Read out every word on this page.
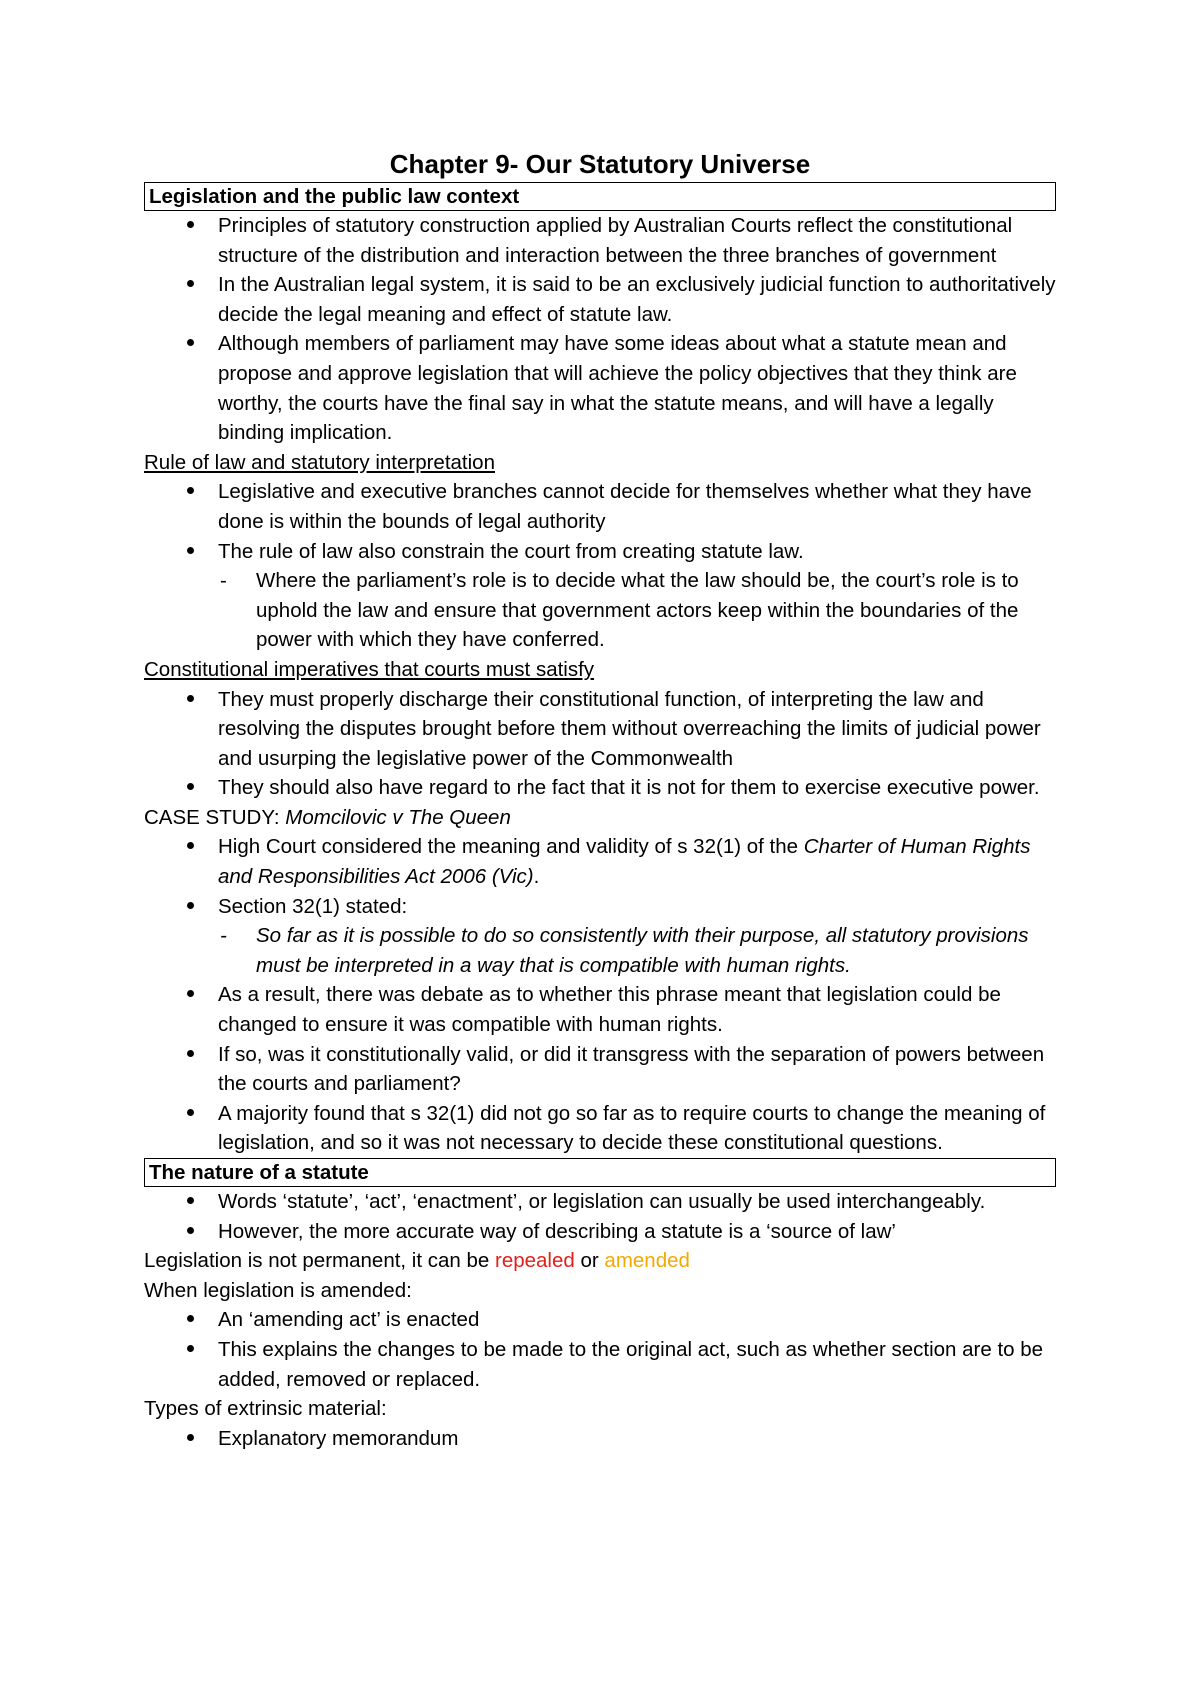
Chapter 9- Our Statutory Universe
Legislation and the public law context
Principles of statutory construction applied by Australian Courts reflect the constitutional structure of the distribution and interaction between the three branches of government
In the Australian legal system, it is said to be an exclusively judicial function to authoritatively decide the legal meaning and effect of statute law.
Although members of parliament may have some ideas about what a statute mean and propose and approve legislation that will achieve the policy objectives that they think are worthy, the courts have the final say in what the statute means, and will have a legally binding implication.
Rule of law and statutory interpretation
Legislative and executive branches cannot decide for themselves whether what they have done is within the bounds of legal authority
The rule of law also constrain the court from creating statute law.
- Where the parliament’s role is to decide what the law should be, the court’s role is to uphold the law and ensure that government actors keep within the boundaries of the power with which they have conferred.
Constitutional imperatives that courts must satisfy
They must properly discharge their constitutional function, of interpreting the law and resolving the disputes brought before them without overreaching the limits of judicial power and usurping the legislative power of the Commonwealth
They should also have regard to rhe fact that it is not for them to exercise executive power.
CASE STUDY: Momcilovic v The Queen
High Court considered the meaning and validity of s 32(1) of the Charter of Human Rights and Responsibilities Act 2006 (Vic).
Section 32(1) stated:
- So far as it is possible to do so consistently with their purpose, all statutory provisions must be interpreted in a way that is compatible with human rights.
As a result, there was debate as to whether this phrase meant that legislation could be changed to ensure it was compatible with human rights.
If so, was it constitutionally valid, or did it transgress with the separation of powers between the courts and parliament?
A majority found that s 32(1) did not go so far as to require courts to change the meaning of legislation, and so it was not necessary to decide these constitutional questions.
The nature of a statute
Words ‘statute’, ‘act’, ‘enactment’, or legislation can usually be used interchangeably.
However, the more accurate way of describing a statute is a ‘source of law’
Legislation is not permanent, it can be repealed or amended
When legislation is amended:
An ‘amending act’ is enacted
This explains the changes to be made to the original act, such as whether section are to be added, removed or replaced.
Types of extrinsic material:
Explanatory memorandum
